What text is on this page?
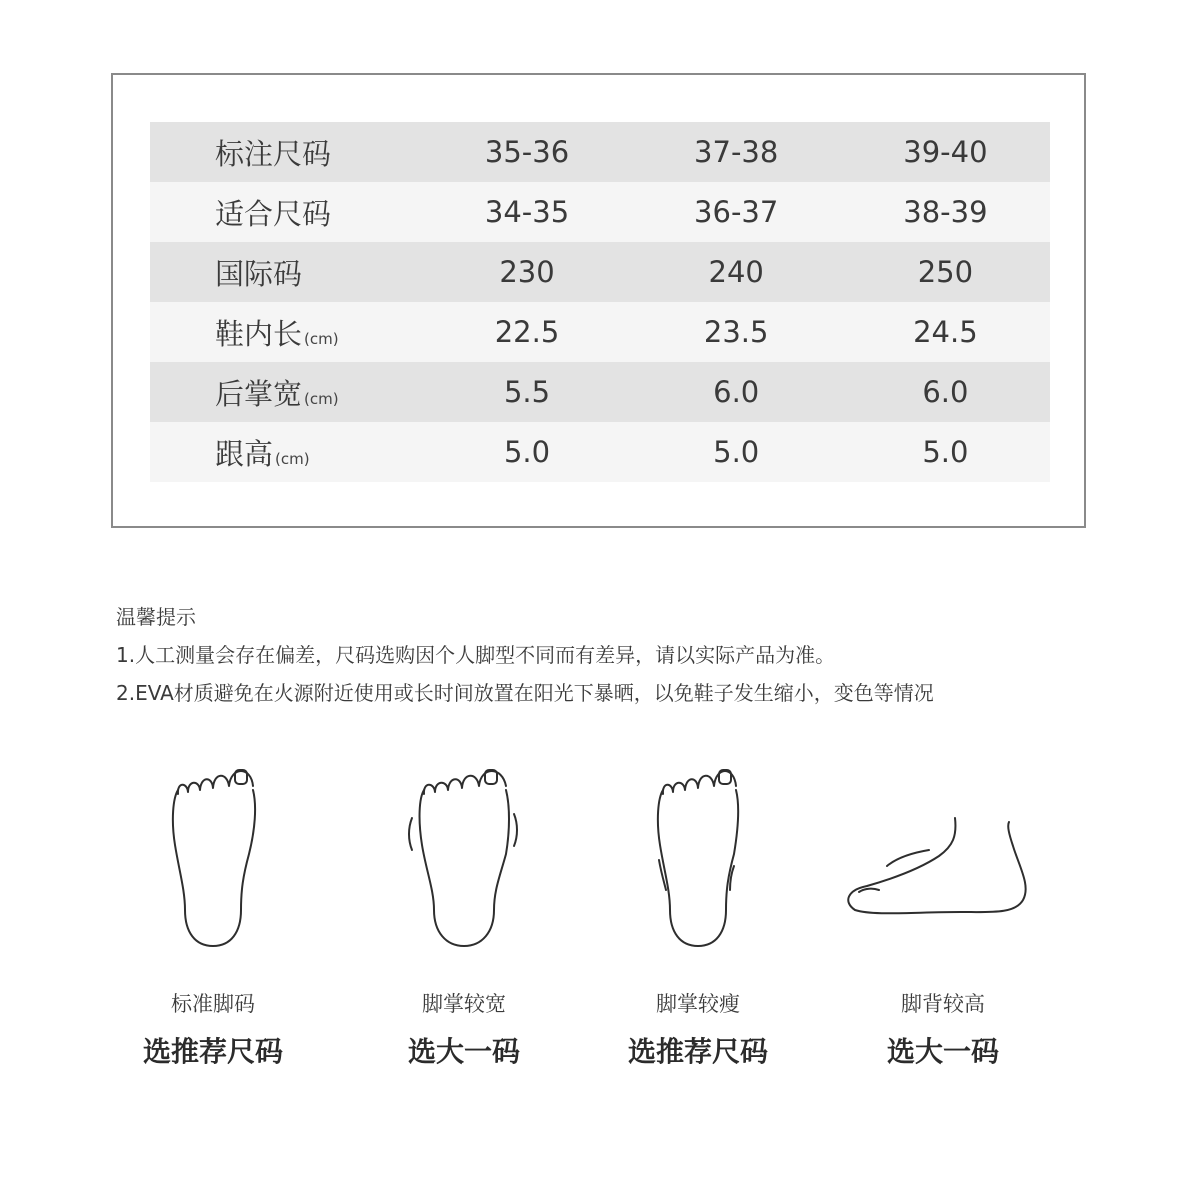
标注尺码	35-36	37-38	39-40
适合尺码	34-35	36-37	38-39
国际码	230	240	250
鞋内长 (cm)	22.5	23.5	24.5
后掌宽 (cm)	5.5	6.0	6.0
跟高 (cm)	5.0	5.0	5.0
温馨提示
1.人工测量会存在偏差，尺码选购因个人脚型不同而有差异，请以实际产品为准。
2.EVA材质避免在火源附近使用或长时间放置在阳光下暴晒，以免鞋子发生缩小，变色等情况
标准脚码
选推荐尺码
脚掌较宽
选大一码
脚掌较瘦
选推荐尺码
脚背较高
选大一码
